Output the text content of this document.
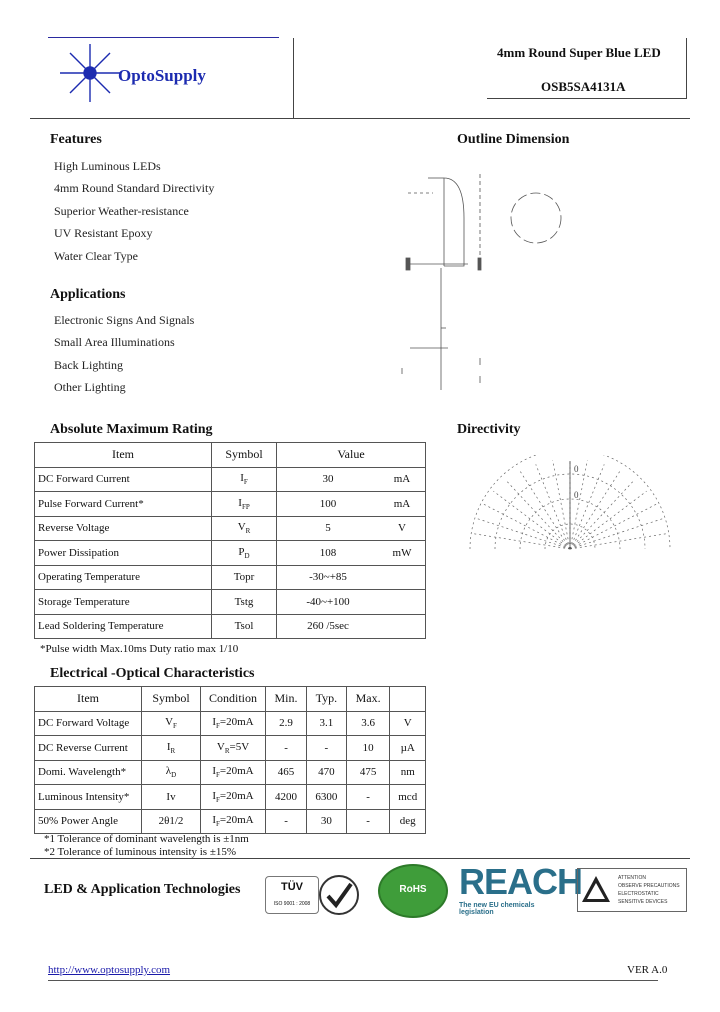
OptoSupply
4mm Round Super Blue LED
OSB5SA4131A
Features
High Luminous LEDs
4mm Round Standard Directivity
Superior Weather-resistance
UV Resistant Epoxy
Water Clear Type
Applications
Electronic Signs And Signals
Small Area Illuminations
Back Lighting
Other Lighting
Outline Dimension
Directivity
0
0
Absolute Maximum Rating
Item	Symbol	Value	
DC Forward Current	$I_F$	30	mA
Pulse Forward Current*	$I_{FP}$	100	mA
Reverse Voltage	$V_R$	5	V
Power Dissipation	$P_D$	108	mW
Operating Temperature	Topr	-30~+85	
Storage Temperature	Tstg	-40~+100	
Lead Soldering Temperature	Tsol	260 /5sec	
*Pulse width Max.10ms Duty ratio max 1/10
Electrical -Optical Characteristics
Item	Symbol	Condition	Min.	Typ.	Max.	
DC Forward Voltage	$V_F$	$I_F=20mA$	2.9	3.1	3.6	V
DC Reverse Current	$I_R$	$V_R=5V$	-	-	10	µA
Domi. Wavelength*	$\lambda_D$	$I_F=20mA$	465	470	475	nm
Luminous Intensity*	Iv	$I_F=20mA$	4200	6300	-	mcd
50% Power Angle	2θ1/2	$I_F=20mA$	-	30	-	deg
*1 Tolerance of dominant wavelength is ±1nm
*2 Tolerance of luminous intensity is ±15%
LED & Application Technologies	TÜV
ISO 9001 : 2008
RoHS Compliant
REACH
The new EU chemicals legislation
ATTENTION
OBSERVE PRECAUTIONS
ELECTROSTATIC
SENSITIVE DEVICES
http://www.optosupply.com	VER A.0
